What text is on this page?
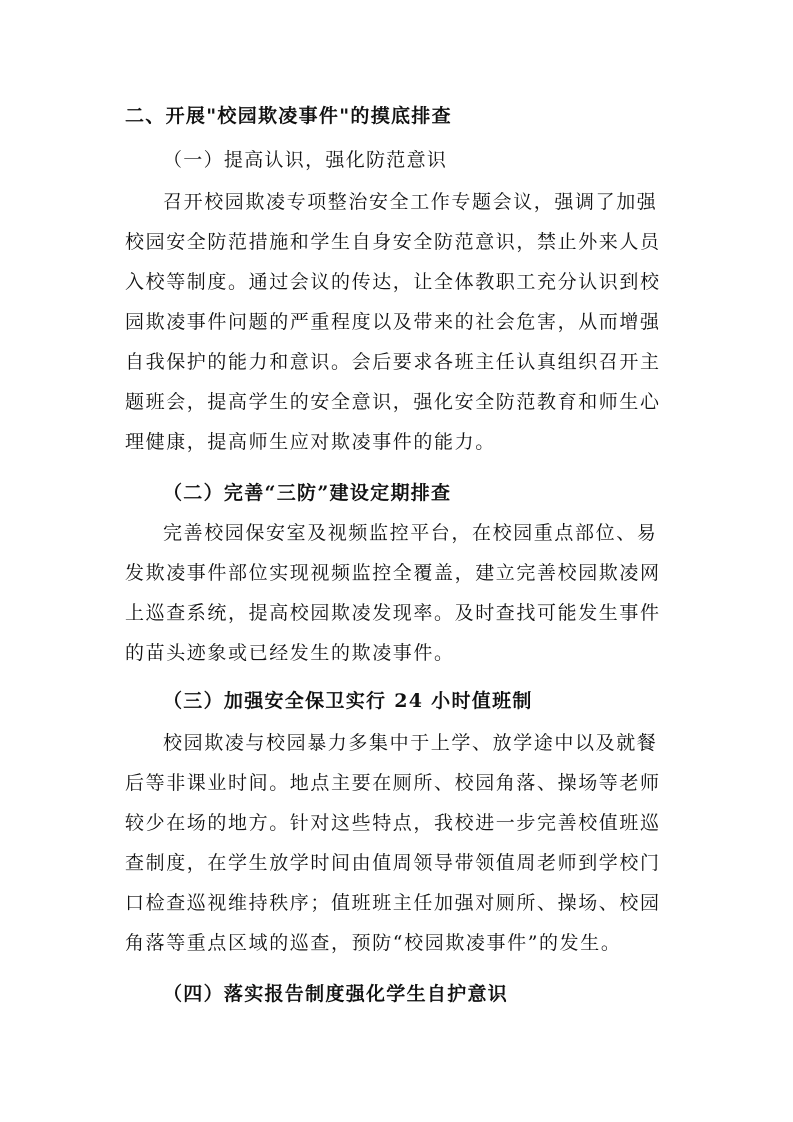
二、开展"校园欺凌事件"的摸底排查
（一）提高认识，强化防范意识
召开校园欺凌专项整治安全工作专题会议，强调了加强
校园安全防范措施和学生自身安全防范意识，禁止外来人员
入校等制度。通过会议的传达，让全体教职工充分认识到校
园欺凌事件问题的严重程度以及带来的社会危害，从而增强
自我保护的能力和意识。会后要求各班主任认真组织召开主
题班会，提高学生的安全意识，强化安全防范教育和师生心
理健康，提高师生应对欺凌事件的能力。
（二）完善“三防”建设定期排查
完善校园保安室及视频监控平台，在校园重点部位、易
发欺凌事件部位实现视频监控全覆盖，建立完善校园欺凌网
上巡查系统，提高校园欺凌发现率。及时查找可能发生事件
的苗头迹象或已经发生的欺凌事件。
（三）加强安全保卫实行 24 小时值班制
校园欺凌与校园暴力多集中于上学、放学途中以及就餐
后等非课业时间。地点主要在厕所、校园角落、操场等老师
较少在场的地方。针对这些特点，我校进一步完善校值班巡
查制度，在学生放学时间由值周领导带领值周老师到学校门
口检查巡视维持秩序；值班班主任加强对厕所、操场、校园
角落等重点区域的巡查，预防“校园欺凌事件”的发生。
（四）落实报告制度强化学生自护意识
